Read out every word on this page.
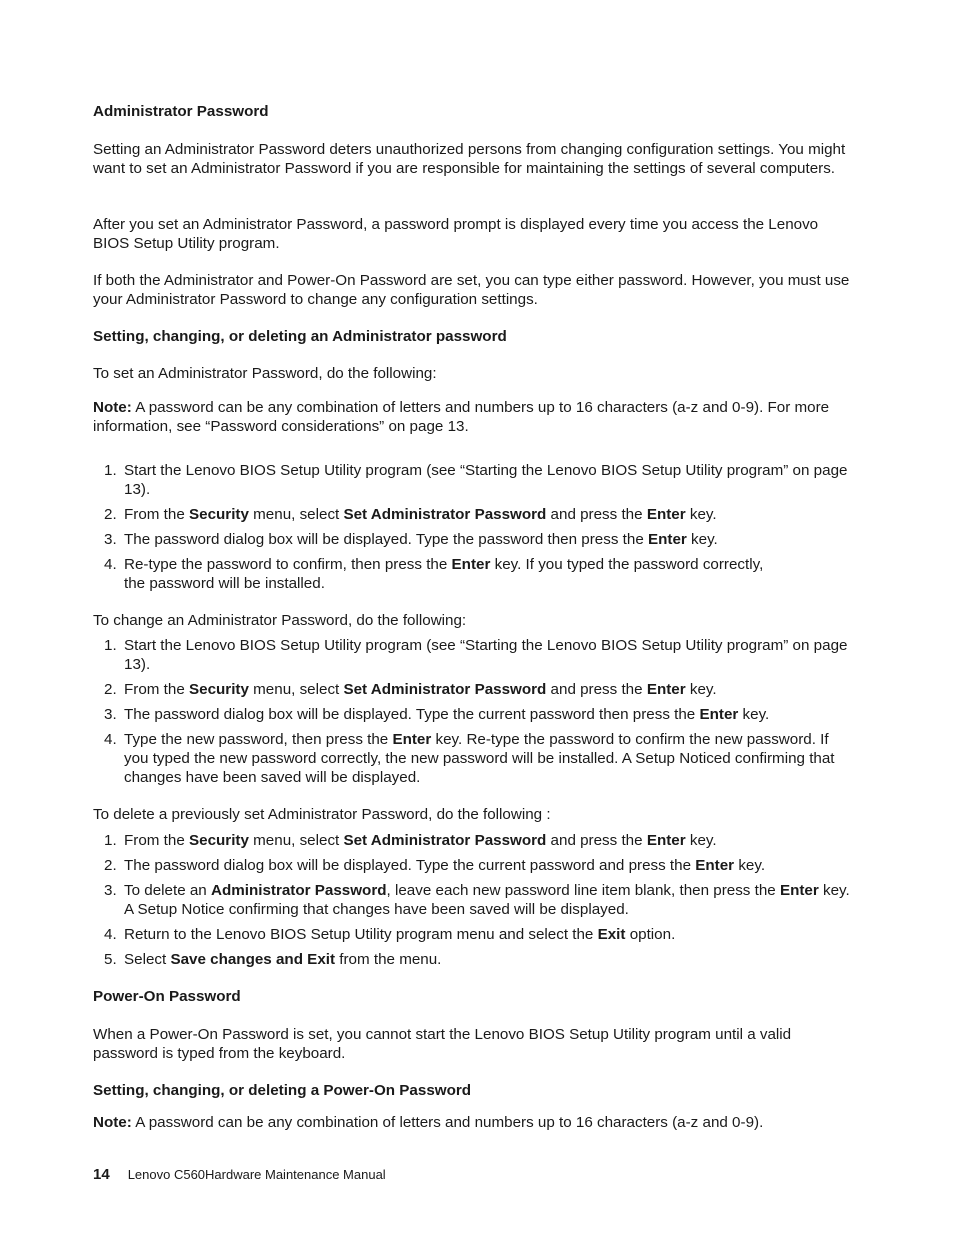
Administrator Password

Setting an Administrator Password deters unauthorized persons from changing configuration settings. You might want to set an Administrator Password if you are responsible for maintaining the settings of several computers.

After you set an Administrator Password, a password prompt is displayed every time you access the Lenovo BIOS Setup Utility program.

If both the Administrator and Power-On Password are set, you can type either password. However, you must use your Administrator Password to change any configuration settings.

Setting, changing, or deleting an Administrator password

To set an Administrator Password, do the following:

Note: A password can be any combination of letters and numbers up to 16 characters (a-z and 0-9). For more information, see “Password considerations” on page 13.

1. Start the Lenovo BIOS Setup Utility program (see “Starting the Lenovo BIOS Setup Utility program” on page 13).
2. From the Security menu, select Set Administrator Password and press the Enter key.
3. The password dialog box will be displayed. Type the password then press the Enter key.
4. Re-type the password to confirm, then press the Enter key. If you typed the password correctly,
the password will be installed.

To change an Administrator Password, do the following:

1. Start the Lenovo BIOS Setup Utility program (see “Starting the Lenovo BIOS Setup Utility program” on page 13).
2. From the Security menu, select Set Administrator Password and press the Enter key.
3. The password dialog box will be displayed. Type the current password then press the Enter key.
4. Type the new password, then press the Enter key. Re-type the password to confirm the new password. If you typed the new password correctly, the new password will be installed. A Setup Noticed confirming that changes have been saved will be displayed.

To delete a previously set Administrator Password, do the following :

1. From the Security menu, select Set Administrator Password and press the Enter key.
2. The password dialog box will be displayed. Type the current password and press the Enter key.
3. To delete an Administrator Password, leave each new password line item blank, then press the Enter key. A Setup Notice confirming that changes have been saved will be displayed.
4. Return to the Lenovo BIOS Setup Utility program menu and select the Exit option.
5. Select Save changes and Exit from the menu.
Power-On Password

When a Power-On Password is set, you cannot start the Lenovo BIOS Setup Utility program until a valid password is typed from the keyboard.

Setting, changing, or deleting a Power-On Password

Note: A password can be any combination of letters and numbers up to 16 characters (a-z and 0-9).

14 Lenovo C560Hardware Maintenance Manual
